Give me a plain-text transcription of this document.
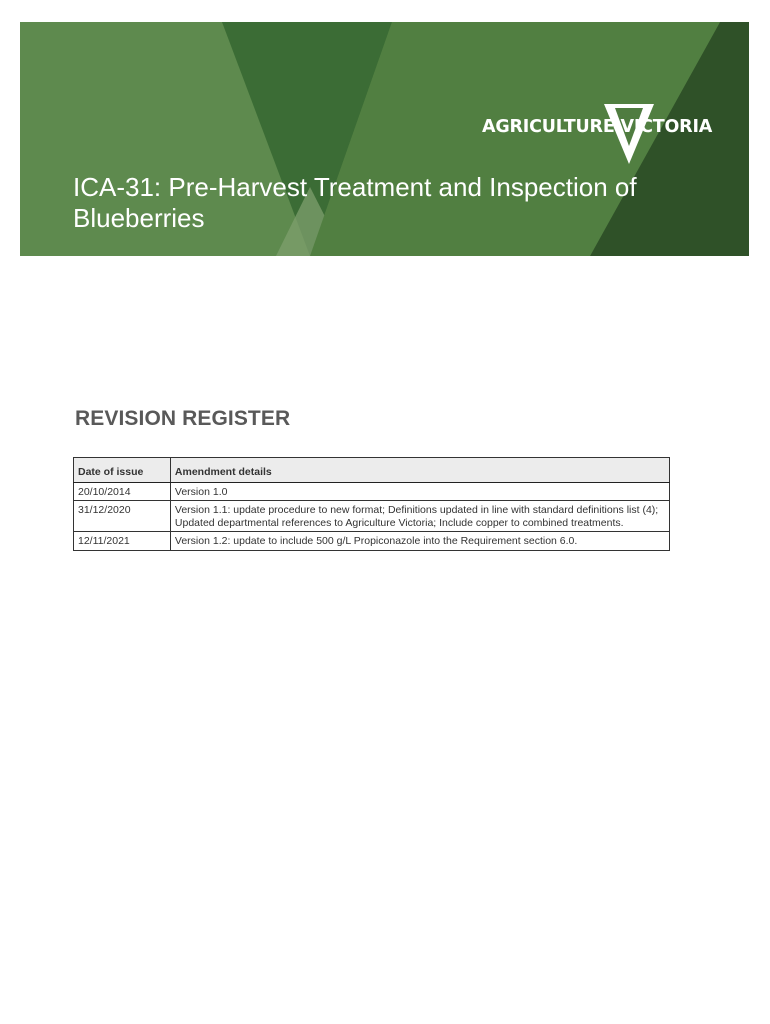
AGRICULTURE VICTORIA
ICA-31: Pre-Harvest Treatment and Inspection of Blueberries
REVISION REGISTER
Date of issue	Amendment details
20/10/2014	Version 1.0
31/12/2020	Version 1.1: update procedure to new format; Definitions updated in line with standard definitions list (4); Updated departmental references to Agriculture Victoria; Include copper to combined treatments.
12/11/2021	Version 1.2: update to include 500 g/L Propiconazole into the Requirement section 6.0.
